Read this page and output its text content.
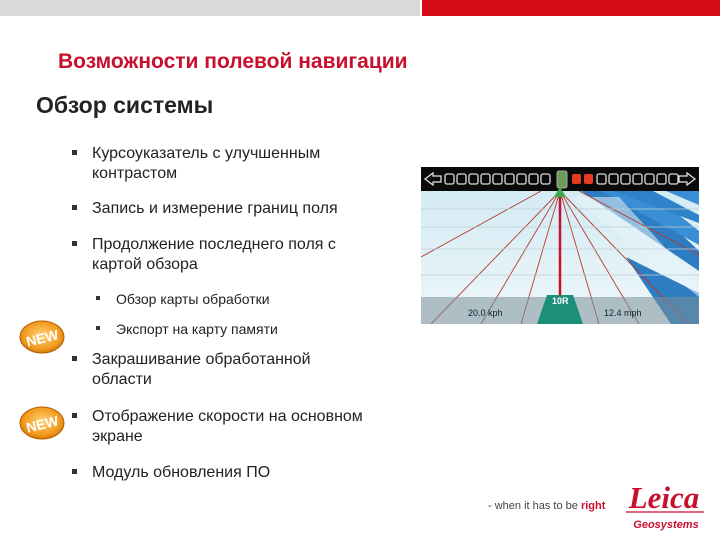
Возможности полевой навигации
Обзор системы
Курсоуказатель с улучшенным
контрастом
Запись и измерение границ поля
Продолжение последнего поля с
картой обзора
Обзор карты обработки
Экспорт на карту памяти
Закрашивание обработанной
области
Отображение скорости на основном
экране
Модуль обновления ПО
NEW
NEW
20.0 kph	12.4 mph
10R
- when it has to be right Leica
Geosystems
